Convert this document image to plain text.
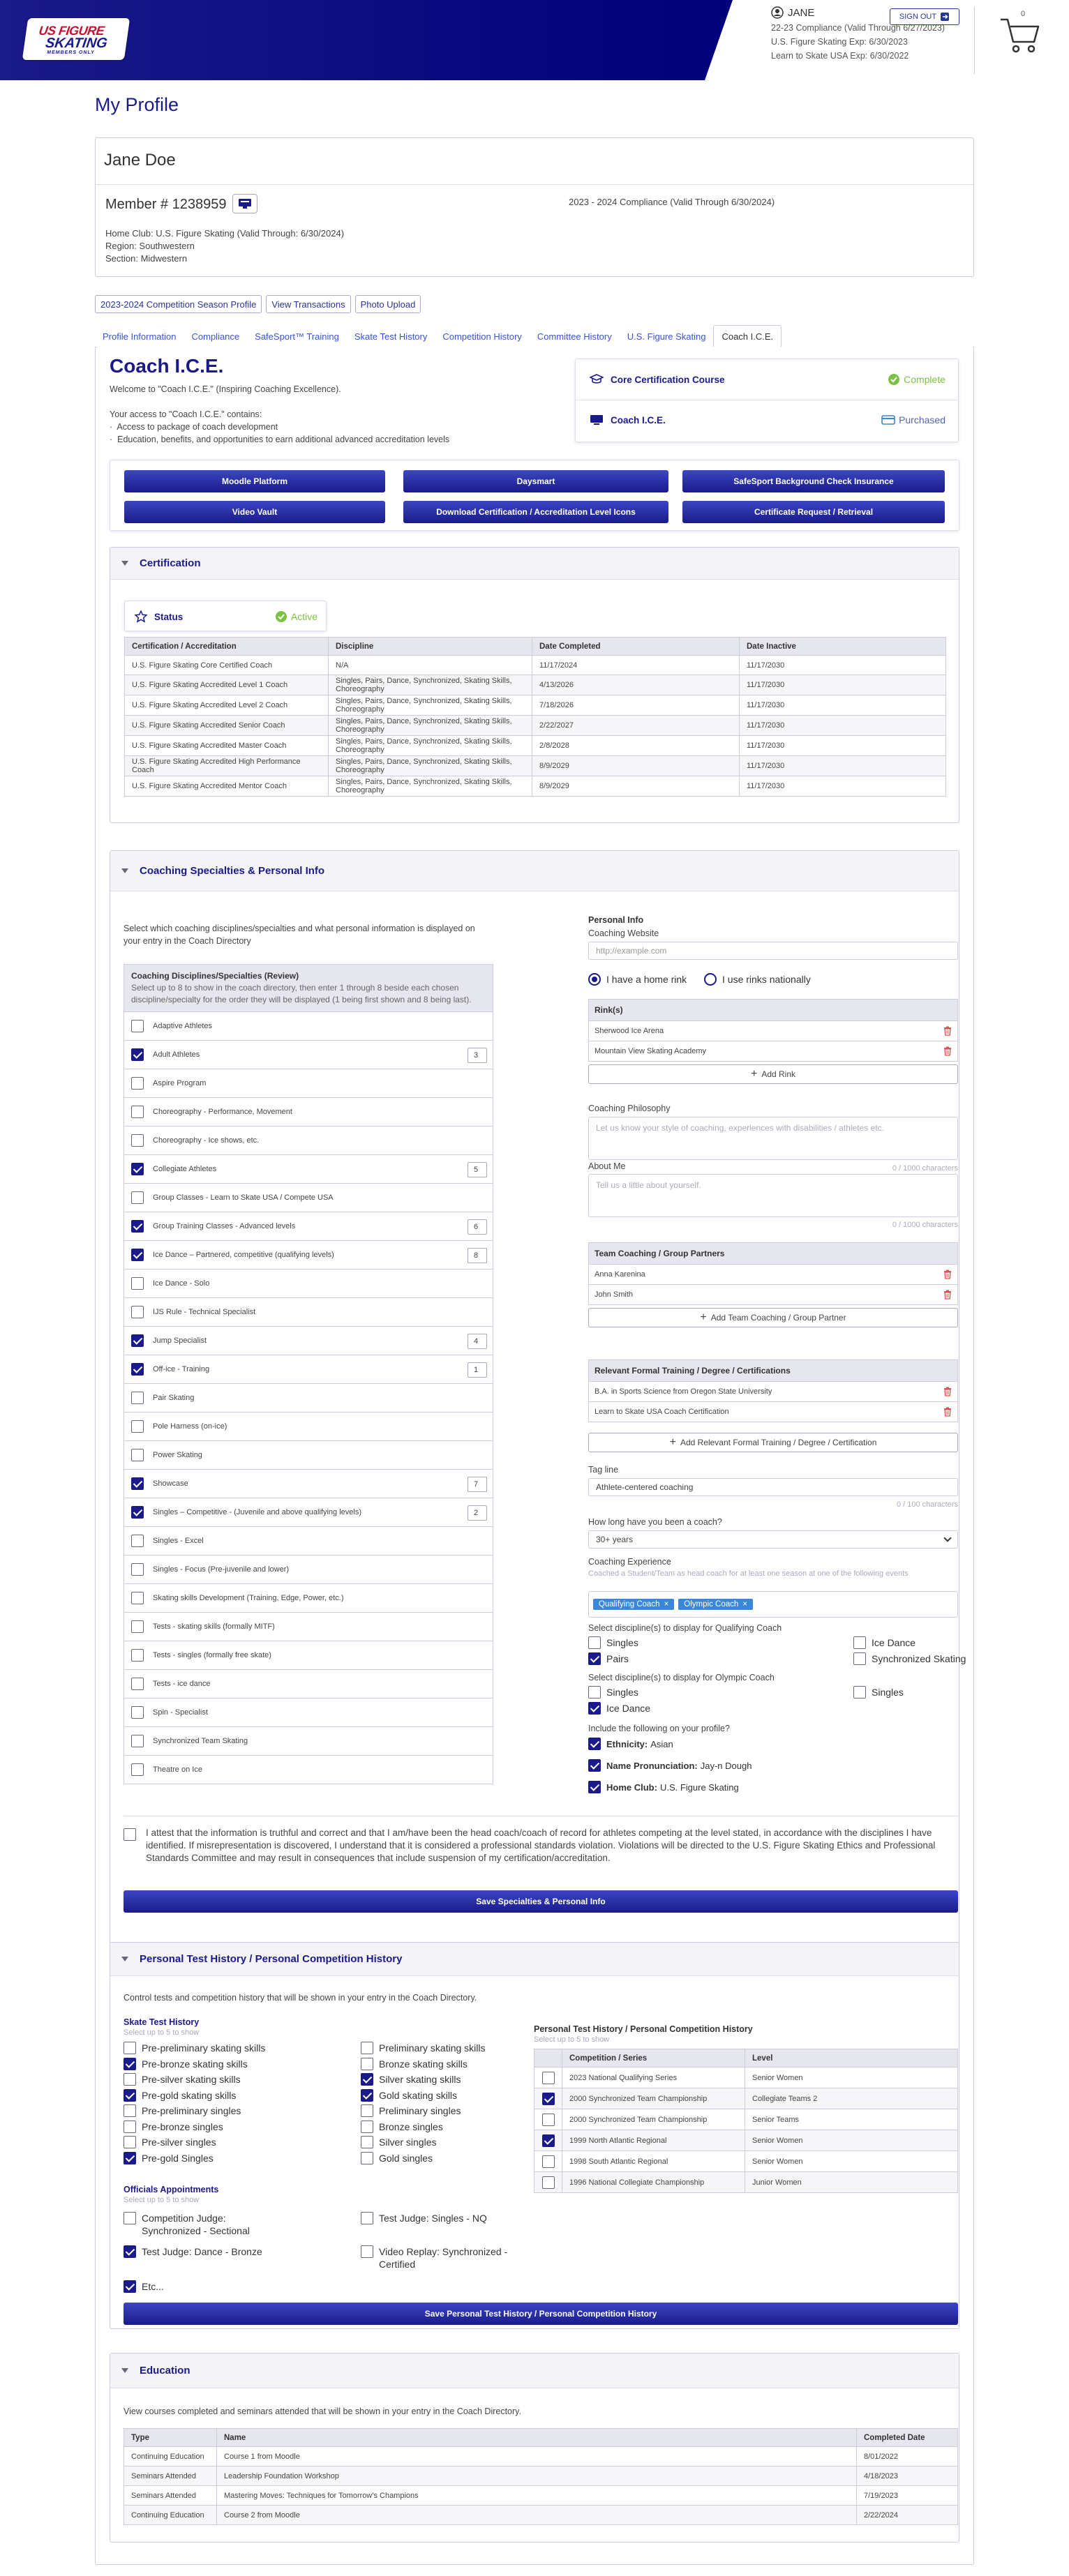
US FIGURE
SKATING
MEMBERS ONLY
JANE
22-23 Compliance (Valid Through 6/27/2023)
U.S. Figure Skating Exp: 6/30/2023
Learn to Skate USA Exp: 6/30/2022
SIGN OUT	0
My Profile
Jane Doe
Member # 1238959	2023 - 2024 Compliance (Valid Through 6/30/2024)
Home Club: U.S. Figure Skating (Valid Through: 6/30/2024)
Region: Southwestern
Section: Midwestern
2023-2024 Competition Season Profile	View Transactions	Photo Upload
Profile Information	Compliance	SafeSport™ Training	Skate Test History	Competition History	Committee History	U.S. Figure Skating	Coach I.C.E.
Coach I.C.E.
Welcome to "Coach I.C.E." (Inspiring Coaching Excellence).
Your access to "Coach I.C.E." contains:
·  Access to package of coach development
·  Education, benefits, and opportunities to earn additional advanced accreditation levels
Core Certification Course	Complete
Coach I.C.E.	Purchased
Moodle Platform	Daysmart	SafeSport Background Check Insurance
Video Vault	Download Certification / Accreditation Level Icons	Certificate Request / Retrieval
Certification
Status	Active
Certification / Accreditation	Discipline	Date Completed	Date Inactive
U.S. Figure Skating Core Certified Coach	N/A	11/17/2024	11/17/2030
U.S. Figure Skating Accredited Level 1 Coach	Singles, Pairs, Dance, Synchronized, Skating Skills, Choreography	4/13/2026	11/17/2030
U.S. Figure Skating Accredited Level 2 Coach	Singles, Pairs, Dance, Synchronized, Skating Skills, Choreography	7/18/2026	11/17/2030
U.S. Figure Skating Accredited Senior Coach	Singles, Pairs, Dance, Synchronized, Skating Skills, Choreography	2/22/2027	11/17/2030
U.S. Figure Skating Accredited Master Coach	Singles, Pairs, Dance, Synchronized, Skating Skills, Choreography	2/8/2028	11/17/2030
U.S. Figure Skating Accredited High Performance Coach	Singles, Pairs, Dance, Synchronized, Skating Skills, Choreography	8/9/2029	11/17/2030
U.S. Figure Skating Accredited Mentor Coach	Singles, Pairs, Dance, Synchronized, Skating Skills, Choreography	8/9/2029	11/17/2030
Coaching Specialties & Personal Info
Select which coaching disciplines/specialties and what personal information is displayed on your entry in the Coach Directory
Coaching Disciplines/Specialties (Review)
Select up to 8 to show in the coach directory, then enter 1 through 8 beside each chosen discipline/specialty for the order they will be displayed (1 being first shown and 8 being last).
Adaptive Athletes
Adult Athletes	3
Aspire Program
Choreography - Performance, Movement
Choreography - Ice shows, etc.
Collegiate Athletes	5
Group Classes - Learn to Skate USA / Compete USA
Group Training Classes - Advanced levels	6
Ice Dance – Partnered, competitive (qualifying levels)	8
Ice Dance - Solo
IJS Rule - Technical Specialist
Jump Specialist	4
Off-ice - Training	1
Pair Skating
Pole Harness (on-ice)
Power Skating
Showcase	7
Singles – Competitive - (Juvenile and above qualifying levels)	2
Singles - Excel
Singles - Focus (Pre-juvenile and lower)
Skating skills Development (Training, Edge, Power, etc.)
Tests - skating skills (formally MITF)
Tests - singles (formally free skate)
Tests - ice dance
Spin - Specialist
Synchronized Team Skating
Theatre on Ice
Personal Info
Coaching Website
http://example.com
I have a home rink	I use rinks nationally
Rink(s)
Sherwood Ice Arena
Mountain View Skating Academy
+ Add Rink
Coaching Philosophy
Let us know your style of coaching, experiences with disabilities / athletes etc.
0 / 1000 characters
About Me
Tell us a little about yourself.
0 / 1000 characters
Team Coaching / Group Partners
Anna Karenina
John Smith
+ Add Team Coaching / Group Partner
Relevant Formal Training / Degree / Certifications
B.A. in Sports Science from Oregon State University
Learn to Skate USA Coach Certification
+ Add Relevant Formal Training / Degree / Certification
Tag line
Athlete-centered coaching
0 / 100 characters
How long have you been a coach?
30+ years
Coaching Experience
Coached a Student/Team as head coach for at least one season at one of the following events
Qualifying Coach × Olympic Coach ×
Select discipline(s) to display for Qualifying Coach
Singles	Ice Dance
Pairs	Synchronized Skating
Select discipline(s) to display for Olympic Coach
Singles	Singles
Ice Dance
Include the following on your profile?
Ethnicity: Asian
Name Pronunciation: Jay-n Dough
Home Club: U.S. Figure Skating
I attest that the information is truthful and correct and that I am/have been the head coach/coach of record for athletes competing at the level stated, in accordance with the disciplines I have identified. If misrepresentation is discovered, I understand that it is considered a professional standards violation. Violations will be directed to the U.S. Figure Skating Ethics and Professional Standards Committee and may result in consequences that include suspension of my certification/accreditation.
Save Specialties & Personal Info
Personal Test History / Personal Competition History
Control tests and competition history that will be shown in your entry in the Coach Directory.
Skate Test History
Select up to 5 to show
Pre-preliminary skating skills
Pre-bronze skating skills
Pre-silver skating skills
Pre-gold skating skills
Pre-preliminary singles
Pre-bronze singles
Pre-silver singles
Pre-gold Singles
Preliminary skating skills
Bronze skating skills
Silver skating skills
Gold skating skills
Preliminary singles
Bronze singles
Silver singles
Gold singles
Officials Appointments
Select up to 5 to show
Competition Judge: Synchronized - Sectional
Test Judge: Singles - NQ
Test Judge: Dance - Bronze	Video Replay: Synchronized - Certified
Etc...
Personal Test History / Personal Competition History
Select up to 5 to show
	Competition / Series	Level
	2023 National Qualifying Series	Senior Women
	2000 Synchronized Team Championship	Collegiate Teams 2
	2000 Synchronized Team Championship	Senior Teams
	1999 North Atlantic Regional	Senior Women
	1998 South Atlantic Regional	Senior Women
	1996 National Collegiate Championship	Junior Women
Save Personal Test History / Personal Competition History
Education
View courses completed and seminars attended that will be shown in your entry in the Coach Directory.
Type	Name	Completed Date
Continuing Education	Course 1 from Moodle	8/01/2022
Seminars Attended	Leadership Foundation Workshop	4/18/2023
Seminars Attended	Mastering Moves: Techniques for Tomorrow's Champions	7/19/2023
Continuing Education	Course 2 from Moodle	2/22/2024
